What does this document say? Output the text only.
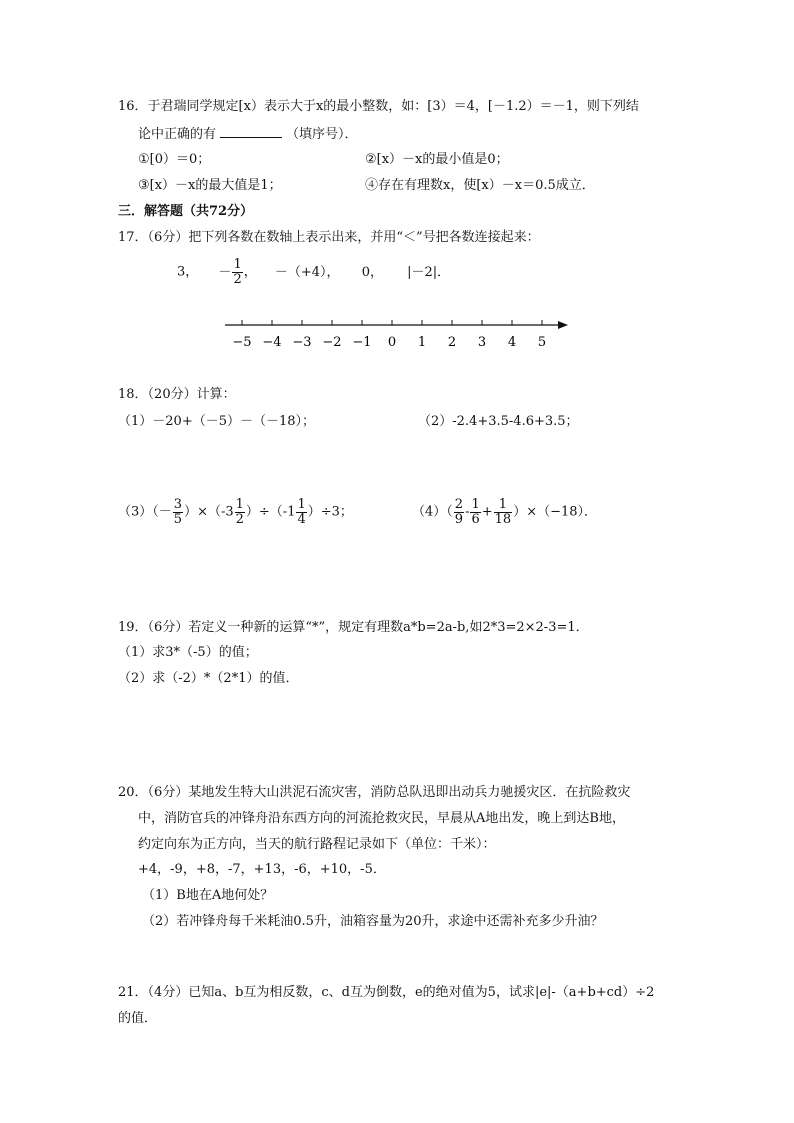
16．于君瑞同学规定[x）表示大于x的最小整数，如：[3）＝4，[－1.2）＝－1，则下列结
论中正确的有	（填序号）．
①[0）＝0；	②[x）－x的最小值是0；
③[x）－x的最大值是1；	④存在有理数x，使[x）－x＝0.5成立．
三．解答题（共72分）
17．（6分）把下列各数在数轴上表示出来，并用“＜”号把各数连接起来：
3， － $\frac{1}{2}$ ， －（+4）， 0， |－2|．
−5 −4 −3 −2 −1 0 1 2 3 4 5
18．（20分）计算：
（1）－20+（－5）－（－18）；	（2）-2.4+3.5-4.6+3.5；
$(3)(- \frac{3}{5} )\times(-3 \frac{1}{2} )\div(-1 \frac{1}{4} )\div 3$；	$(4)( \frac{2}{9} - \frac{1}{6} + \frac{1}{18} )\times(-18)$．
19．（6分）若定义一种新的运算“*”，规定有理数a*b=2a-b,如2*3=2×2-3=1．
（1）求3*（-5）的值；
（2）求（-2）*（2*1）的值．
20．（6分）某地发生特大山洪泥石流灾害，消防总队迅即出动兵力驰援灾区．在抗险救灾
中，消防官兵的冲锋舟沿东西方向的河流抢救灾民，早晨从A地出发，晚上到达B地，
约定向东为正方向，当天的航行路程记录如下（单位：千米）：
+4，-9，+8，-7，+13，-6，+10，-5．
（1）B地在A地何处？
（2）若冲锋舟每千米耗油0.5升，油箱容量为20升，求途中还需补充多少升油？
21．（4分）已知a、b互为相反数，c、d互为倒数，e的绝对值为5，试求|e|-（a+b+cd）÷2
的值．
